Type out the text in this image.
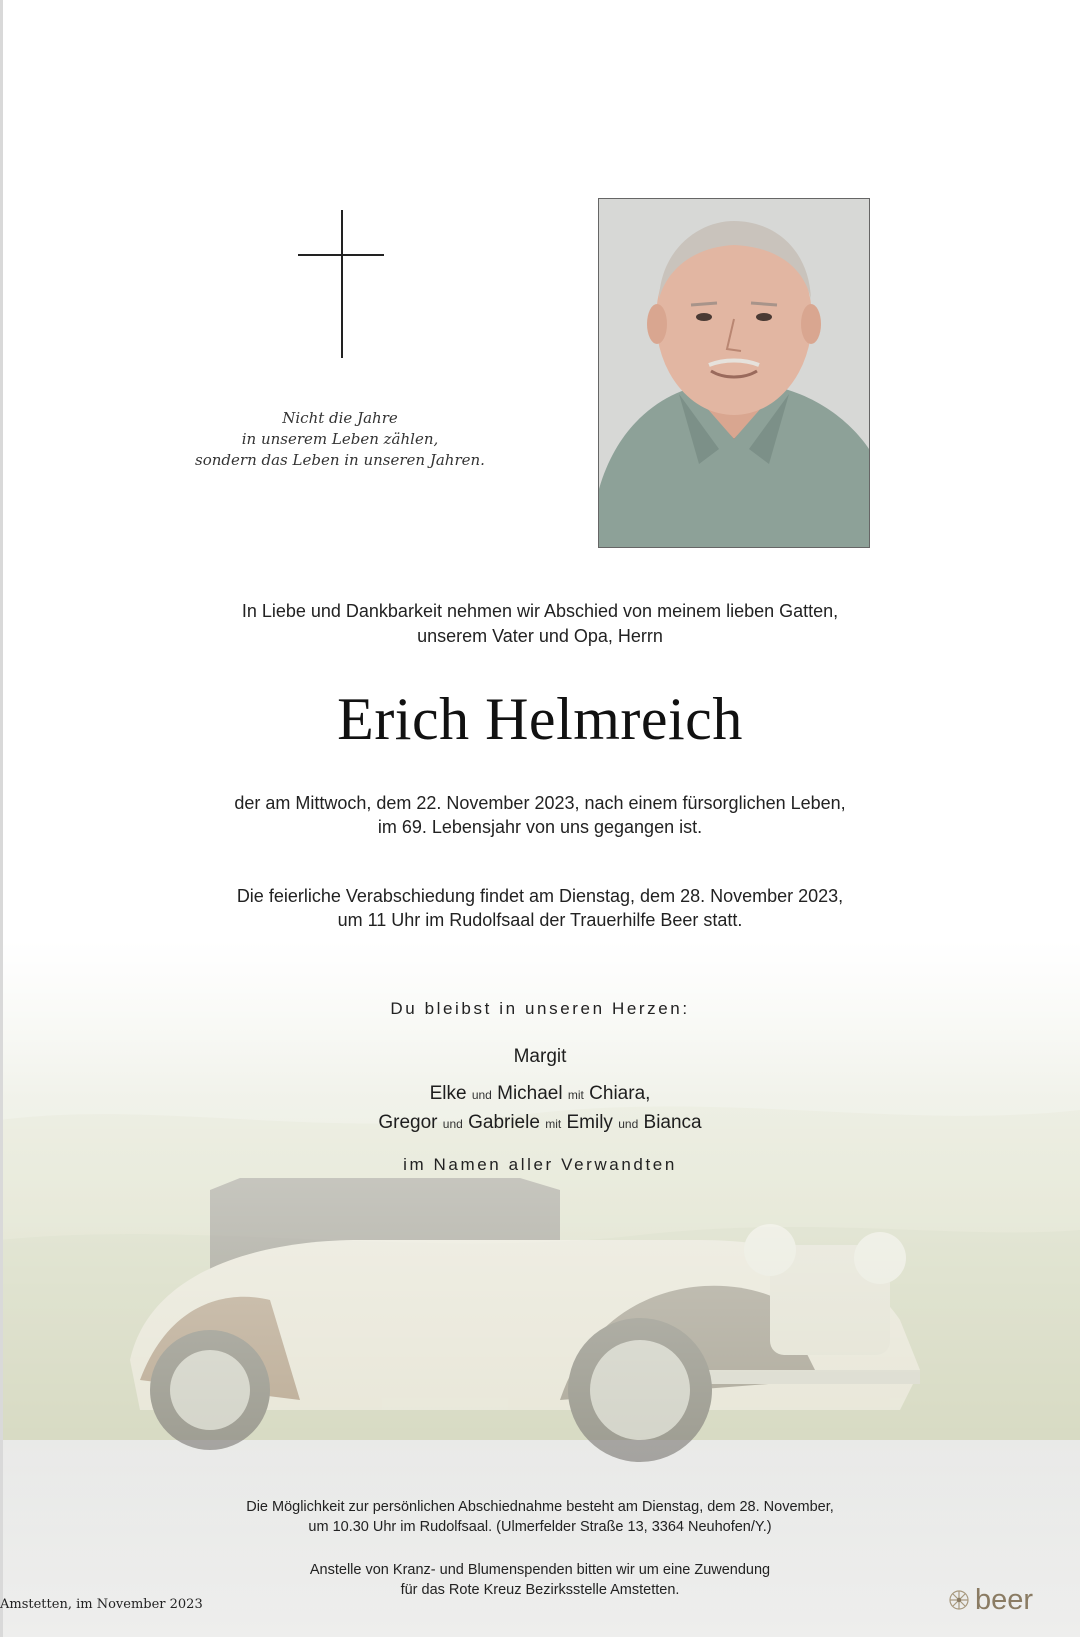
Nicht die Jahre
in unserem Leben zählen,
sondern das Leben in unseren Jahren.
In Liebe und Dankbarkeit nehmen wir Abschied von meinem lieben Gatten,
unserem Vater und Opa, Herrn
Erich Helmreich
der am Mittwoch, dem 22. November 2023, nach einem fürsorglichen Leben,
im 69. Lebensjahr von uns gegangen ist.
Die feierliche Verabschiedung findet am Dienstag, dem 28. November 2023,
um 11 Uhr im Rudolfsaal der Trauerhilfe Beer statt.
Du bleibst in unseren Herzen:
Margit
Elke und Michael mit Chiara,
Gregor und Gabriele mit Emily und Bianca
im Namen aller Verwandten
Die Möglichkeit zur persönlichen Abschiednahme besteht am Dienstag, dem 28. November,
um 10.30 Uhr im Rudolfsaal. (Ulmerfelder Straße 13, 3364 Neuhofen/Y.)
Anstelle von Kranz- und Blumenspenden bitten wir um eine Zuwendung
für das Rote Kreuz Bezirksstelle Amstetten.
Amstetten, im November 2023	beer
